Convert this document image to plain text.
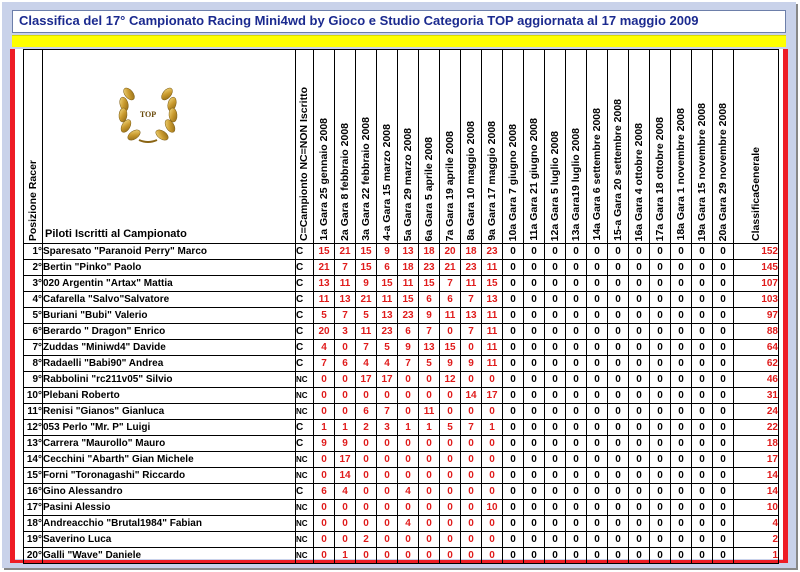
Classifica del 17° Campionato Racing Mini4wd by Gioco e Studio Categoria TOP aggiornata al 17 maggio 2009
Posizione Racer	TOP
Piloti Iscritti al Campionato	C=Campionto NC=NON Iscritto	1a Gara 25 gennaio 2008	2a Gara 8 febbraio 2008	3a Gara 22 febbraio 2008	4-a Gara 15 marzo 2008	5a Gara 29 marzo 2008	6a Gara 5 aprile 2008	7a Gara 19 aprile 2008	8a Gara 10 maggio 2008	9a Gara 17 maggio 2008	10a Gara 7 giugno 2008	11a Gara 21 giugno 2008	12a Gara 5 luglio 2008	13a Gara19 luglio 2008	14a Gara 6 settembre 2008	15-a Gara 20 settembre 2008	16a Gara 4 ottobre 2008	17a Gara 18 ottobre 2008	18a Gara 1 novembre 2008	19a Gara 15 novembre 2008	20a Gara 29 novembre 2008	ClassificaGenerale

1°	Sparesato "Paranoid Perry" Marco	C	15	21	15	9	13	18	20	18	23	0	0	0	0	0	0	0	0	0	0	0	152
2°	Bertin "Pinko" Paolo	C	21	7	15	6	18	23	21	23	11	0	0	0	0	0	0	0	0	0	0	0	145
3°	020 Argentin "Artax" Mattia	C	13	11	9	15	11	15	7	11	15	0	0	0	0	0	0	0	0	0	0	0	107
4°	Cafarella "Salvo"Salvatore	C	11	13	21	11	15	6	6	7	13	0	0	0	0	0	0	0	0	0	0	0	103
5°	Buriani "Bubi" Valerio	C	5	7	5	13	23	9	11	13	11	0	0	0	0	0	0	0	0	0	0	0	97
6°	Berardo " Dragon" Enrico	C	20	3	11	23	6	7	0	7	11	0	0	0	0	0	0	0	0	0	0	0	88
7°	Zuddas "Miniwd4" Davide	C	4	0	7	5	9	13	15	0	11	0	0	0	0	0	0	0	0	0	0	0	64
8°	Radaelli "Babi90" Andrea	C	7	6	4	4	7	5	9	9	11	0	0	0	0	0	0	0	0	0	0	0	62
9°	Rabbolini "rc211v05" Silvio	NC	0	0	17	17	0	0	12	0	0	0	0	0	0	0	0	0	0	0	0	0	46
10°	Plebani Roberto	NC	0	0	0	0	0	0	0	14	17	0	0	0	0	0	0	0	0	0	0	0	31
11°	Renisi "Gianos" Gianluca	NC	0	0	6	7	0	11	0	0	0	0	0	0	0	0	0	0	0	0	0	0	24
12°	053 Perlo "Mr. P" Luigi	C	1	1	2	3	1	1	5	7	1	0	0	0	0	0	0	0	0	0	0	0	22
13°	Carrera "Maurollo" Mauro	C	9	9	0	0	0	0	0	0	0	0	0	0	0	0	0	0	0	0	0	0	18
14°	Cecchini "Abarth" Gian Michele	NC	0	17	0	0	0	0	0	0	0	0	0	0	0	0	0	0	0	0	0	0	17
15°	Forni "Toronagashi" Riccardo	NC	0	14	0	0	0	0	0	0	0	0	0	0	0	0	0	0	0	0	0	0	14
16°	Gino Alessandro	C	6	4	0	0	4	0	0	0	0	0	0	0	0	0	0	0	0	0	0	0	14
17°	Pasini Alessio	NC	0	0	0	0	0	0	0	0	10	0	0	0	0	0	0	0	0	0	0	0	10
18°	Andreacchio "Brutal1984" Fabian	NC	0	0	0	0	4	0	0	0	0	0	0	0	0	0	0	0	0	0	0	0	4
19°	Saverino Luca	NC	0	0	2	0	0	0	0	0	0	0	0	0	0	0	0	0	0	0	0	0	2
20°	Galli "Wave" Daniele	NC	0	1	0	0	0	0	0	0	0	0	0	0	0	0	0	0	0	0	0	0	1
